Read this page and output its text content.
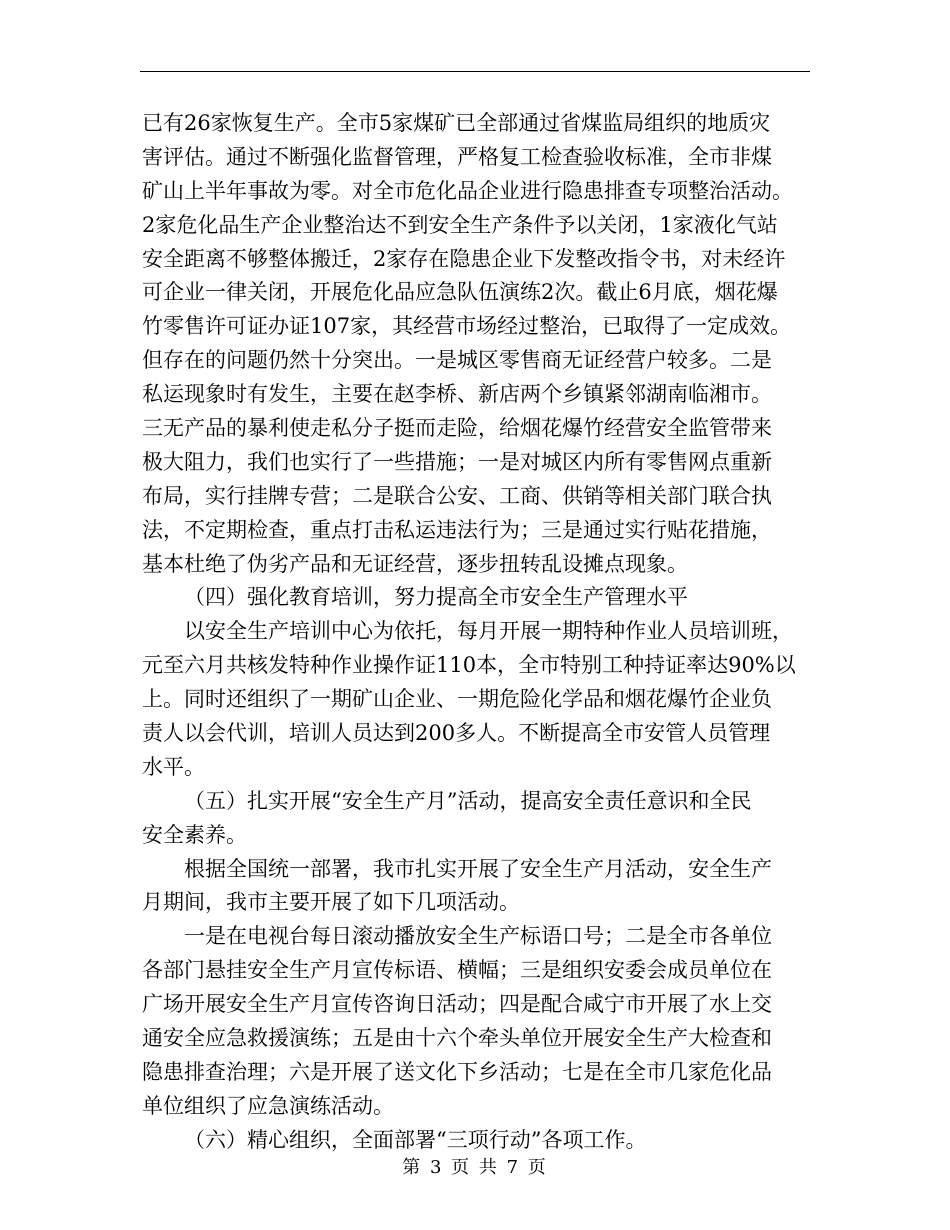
已有26家恢复生产。全市5家煤矿已全部通过省煤监局组织的地质灾
害评估。通过不断强化监督管理，严格复工检查验收标准，全市非煤
矿山上半年事故为零。对全市危化品企业进行隐患排查专项整治活动。
2家危化品生产企业整治达不到安全生产条件予以关闭，1家液化气站
安全距离不够整体搬迁，2家存在隐患企业下发整改指令书，对未经许
可企业一律关闭，开展危化品应急队伍演练2次。截止6月底，烟花爆
竹零售许可证办证107家，其经营市场经过整治，已取得了一定成效。
但存在的问题仍然十分突出。一是城区零售商无证经营户较多。二是
私运现象时有发生，主要在赵李桥、新店两个乡镇紧邻湖南临湘市。
三无产品的暴利使走私分子挺而走险，给烟花爆竹经营安全监管带来
极大阻力，我们也实行了一些措施；一是对城区内所有零售网点重新
布局，实行挂牌专营；二是联合公安、工商、供销等相关部门联合执
法，不定期检查，重点打击私运违法行为；三是通过实行贴花措施，
基本杜绝了伪劣产品和无证经营，逐步扭转乱设摊点现象。
（四）强化教育培训，努力提高全市安全生产管理水平
以安全生产培训中心为依托，每月开展一期特种作业人员培训班，
元至六月共核发特种作业操作证110本，全市特别工种持证率达90%以
上。同时还组织了一期矿山企业、一期危险化学品和烟花爆竹企业负
责人以会代训，培训人员达到200多人。不断提高全市安管人员管理
水平。
（五）扎实开展“安全生产月”活动，提高安全责任意识和全民
安全素养。
根据全国统一部署，我市扎实开展了安全生产月活动，安全生产
月期间，我市主要开展了如下几项活动。
一是在电视台每日滚动播放安全生产标语口号；二是全市各单位
各部门悬挂安全生产月宣传标语、横幅；三是组织安委会成员单位在
广场开展安全生产月宣传咨询日活动；四是配合咸宁市开展了水上交
通安全应急救援演练；五是由十六个牵头单位开展安全生产大检查和
隐患排查治理；六是开展了送文化下乡活动；七是在全市几家危化品
单位组织了应急演练活动。
（六）精心组织，全面部署“三项行动”各项工作。
第 3 页 共 7 页
